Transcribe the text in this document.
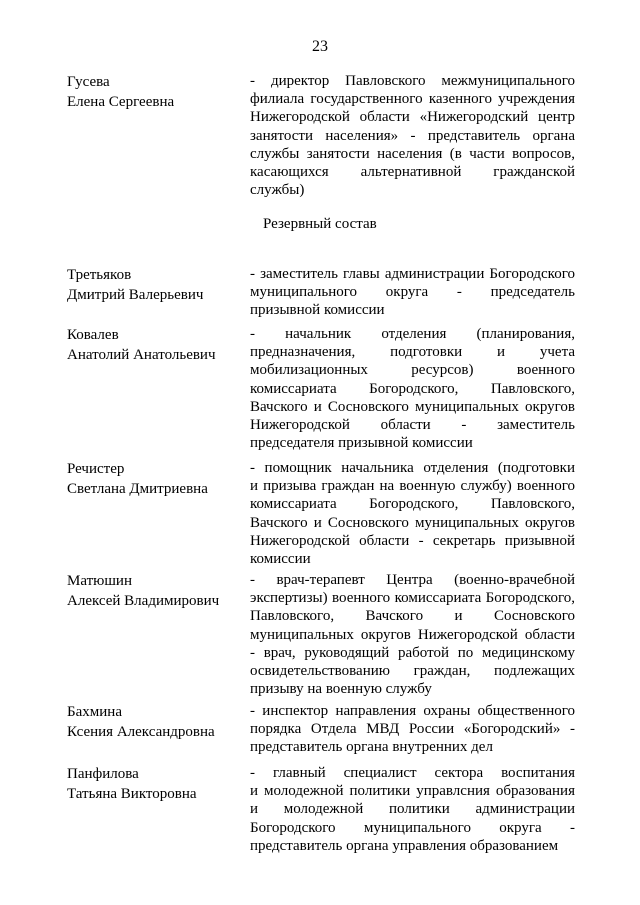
23
Гусева
Елена Сергеевна
- директор Павловского межмуниципального
филиала государственного казенного учреждения
Нижегородской области «Нижегородский центр
занятости населения» - представитель органа
службы занятости населения (в части вопросов,
касающихся альтернативной гражданской
службы)
Резервный состав
Третьяков
Дмитрий Валерьевич
- заместитель главы администрации Богородского
муниципального округа - председатель
призывной комиссии
Ковалев
Анатолий Анатольевич
- начальник отделения (планирования,
предназначения, подготовки и учета
мобилизационных ресурсов) военного
комиссариата Богородского, Павловского,
Вачского и Сосновского муниципальных округов
Нижегородской области - заместитель
председателя призывной комиссии
Речистер
Светлана Дмитриевна
- помощник начальника отделения (подготовки
и призыва граждан на военную службу) военного
комиссариата Богородского, Павловского,
Вачского и Сосновского муниципальных округов
Нижегородской области - секретарь призывной
комиссии
Матюшин
Алексей Владимирович
- врач-терапевт Центра (военно-врачебной
экспертизы) военного комиссариата Богородского,
Павловского, Вачского и Сосновского
муниципальных округов Нижегородской области
- врач, руководящий работой по медицинскому
освидетельствованию граждан, подлежащих
призыву на военную службу
Бахмина
Ксения Александровна
- инспектор направления охраны общественного
порядка Отдела МВД России «Богородский» -
представитель органа внутренних дел
Панфилова
Татьяна Викторовна
- главный специалист сектора воспитания
и молодежной политики управлсния образования
и молодежной политики администрации
Богородского муниципального округа -
представитель органа управления образованием
